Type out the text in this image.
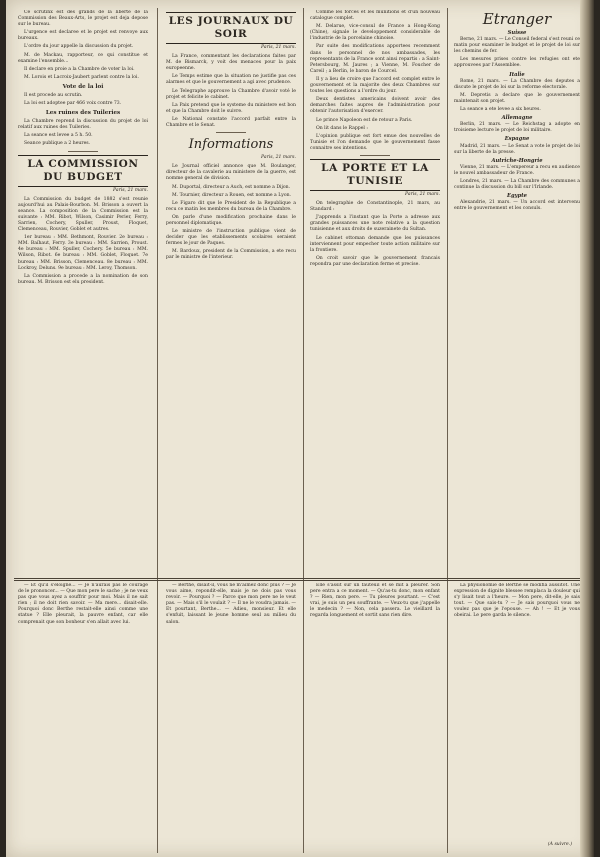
Ce scrutinx est des grands de la liberte de la Commission des Beaux-Arts, le projet est deja depose sur le bureau.

L'urgence est declaree et le projet est renvoye aux bureaux.

L'ordre du jour appelle la discussion du projet.

M. de Mackau, rapporteur, ce qui constitue et examine l'ensemble...

Il declare en proie a la Chambre de voter la loi.

M. Lorois et Lacroix-Jaubert parlent contre la loi.

Vote de la loi

Il est procede au scrutin.

La loi est adoptee par 466 voix contre 73.

Les ruines des Tuileries

La Chambre reprend la discussion du projet de loi relatif aux ruines des Tuileries.

La seance est levee a 5 h. 50.

Seance publique a 2 heures.

LA COMMISSION DU BUDGET
Paris, 21 mars.

La Commission du budget de 1882 s'est reunie aujourd'hui au Palais-Bourbon. M. Brisson a ouvert la seance. La composition de la Commission est la suivante : MM. Ribot, Wilson, Casimir Perier, Ferry, Sarrien, Cochery, Spuller, Proust, Floquet, Clemenceau, Rouvier, Goblet et autres.

1er bureau : MM. Bethmont, Rouvier. 2e bureau : MM. Baïhaut, Ferry. 3e bureau : MM. Sarrien, Proust. 4e bureau : MM. Spuller, Cochery. 5e bureau : MM. Wilson, Ribot. 6e bureau : MM. Goblet, Floquet. 7e bureau : MM. Brisson, Clemenceau. 8e bureau : MM. Lockroy, Deluns. 9e bureau : MM. Leroy, Thomson.

La Commission a procede a la nomination de son bureau. M. Brisson est elu president.

LES JOURNAUX DU SOIR
Paris, 21 mars.

La France, commentant les declarations faites par M. de Bismarck, y voit des menaces pour la paix europeenne.

Le Temps estime que la situation ne justifie pas ces alarmes et que le gouvernement a agi avec prudence.

Le Telegraphe approuve la Chambre d'avoir voté le projet et felicite le cabinet.

La Paix pretend que le systeme du ministere est bon et que la Chambre doit le suivre.

Le National constate l'accord parfait entre la Chambre et le Senat.

Informations
Paris, 21 mars.

Le Journal officiel annonce que M. Boulanger, directeur de la cavalerie au ministere de la guerre, est nomme general de division.

M. Duportal, directeur a Auch, est nomme a Dijon.

M. Tournier, directeur a Rouen, est nomme a Lyon.

Le Figaro dit que le President de la Republique a recu ce matin les membres du bureau de la Chambre.

On parle d'une modification prochaine dans le personnel diplomatique.

Le ministre de l'instruction publique vient de decider que les etablissements scolaires seraient fermes le jour de Paques.

M. Bardoux, president de la Commission, a ete recu par le ministre de l'interieur.

Comme les forces et les munitions et d'un nouveau catalogue complet.

M. Delarue, vice-consul de France a Hong-Kong (Chine), signale le developpement considerable de l'industrie de la porcelaine chinoise.

Par suite des modifications apportees recemment dans le personnel de nos ambassades, les representants de la France sont ainsi repartis : a Saint-Petersbourg, M. Jaures ; a Vienne, M. Foucher de Careil ; a Berlin, le baron de Courcel.

Il y a lieu de croire que l'accord est complet entre le gouvernement et la majorite des deux Chambres sur toutes les questions a l'ordre du jour.

Deux dentistes americains doivent avoir des demarches faites aupres de l'administration pour obtenir l'autorisation d'exercer.

Le prince Napoleon est de retour a Paris.

On lit dans le Rappel :

L'opinion publique est fort emue des nouvelles de Tunisie et l'on demande que le gouvernement fasse connaitre ses intentions.

LA PORTE ET LA TUNISIE
Paris, 21 mars.

On telegraphie de Constantinople, 21 mars, au Standard :

J'apprends a l'instant que la Porte a adresse aux grandes puissances une note relative a la question tunisienne et aux droits de suzerainete du Sultan.

Le cabinet ottoman demande que les puissances interviennent pour empecher toute action militaire sur la frontiere.

On croit savoir que le gouvernement francais repondra par une declaration ferme et precise.

Etranger
Suisse

Berne, 21 mars. — Le Conseil federal s'est reuni ce matin pour examiner le budget et le projet de loi sur les chemins de fer.

Les mesures prises contre les refugies ont ete approuvees par l'Assemblee.

Italie

Rome, 21 mars. — La Chambre des deputes a discute le projet de loi sur la reforme electorale.

M. Depretis a declare que le gouvernement maintenait son projet.

La seance a ete levee a six heures.

Allemagne

Berlin, 21 mars. — Le Reichstag a adopte en troisieme lecture le projet de loi militaire.

Espagne

Madrid, 21 mars. — Le Senat a vote le projet de loi sur la liberte de la presse.

Autriche-Hongrie

Vienne, 21 mars. — L'empereur a recu en audience le nouvel ambassadeur de France.

Londres, 21 mars. — La Chambre des communes a continue la discussion du bill sur l'Irlande.

Egypte

Alexandrie, 21 mars. — Un accord est intervenu entre le gouvernement et les consuls.

— Et qu'il s'eloigne... — Je n'aurais pas le courage de le prononcer... — Que mon pere le sache ; je ne veux pas que vous ayez a souffrir pour moi. Mais il ne sait rien ; il ne doit rien savoir. — Ma mere... disait-elle. Pourquoi donc Berthe restait-elle ainsi comme une statue ? Elle pleurait, la pauvre enfant, car elle comprenait que son bonheur s'en allait avec lui.

— Berthe, disait-il, vous ne m'aimez donc plus ? — Je vous aime, repondit-elle, mais je ne dois pas vous revoir. — Pourquoi ? — Parce que mon pere ne le veut pas. — Mais s'il le voulait ? — Il ne le voudra jamais. — Et pourtant, Berthe... — Adieu, monsieur. Et elle s'enfuit, laissant le jeune homme seul au milieu du salon.

Elle s'assit sur un fauteuil et se mit a pleurer. Son pere entra a ce moment. — Qu'as-tu donc, mon enfant ? — Rien, mon pere. — Tu pleures pourtant. — C'est vrai, je suis un peu souffrante. — Veux-tu que j'appelle le medecin ? — Non, cela passera. Le vieillard la regarda longuement et sortit sans rien dire.

La physionomie de Berthe se modifia aussitot. Une expression de dignite blessee remplaca la douleur qui s'y lisait tout a l'heure. — Mon pere, dit-elle, je sais tout. — Que sais-tu ? — Je sais pourquoi vous ne voulez pas que je l'epouse. — Ah ! — Et je vous obeirai. Le pere garda le silence.

(A suivre.)
